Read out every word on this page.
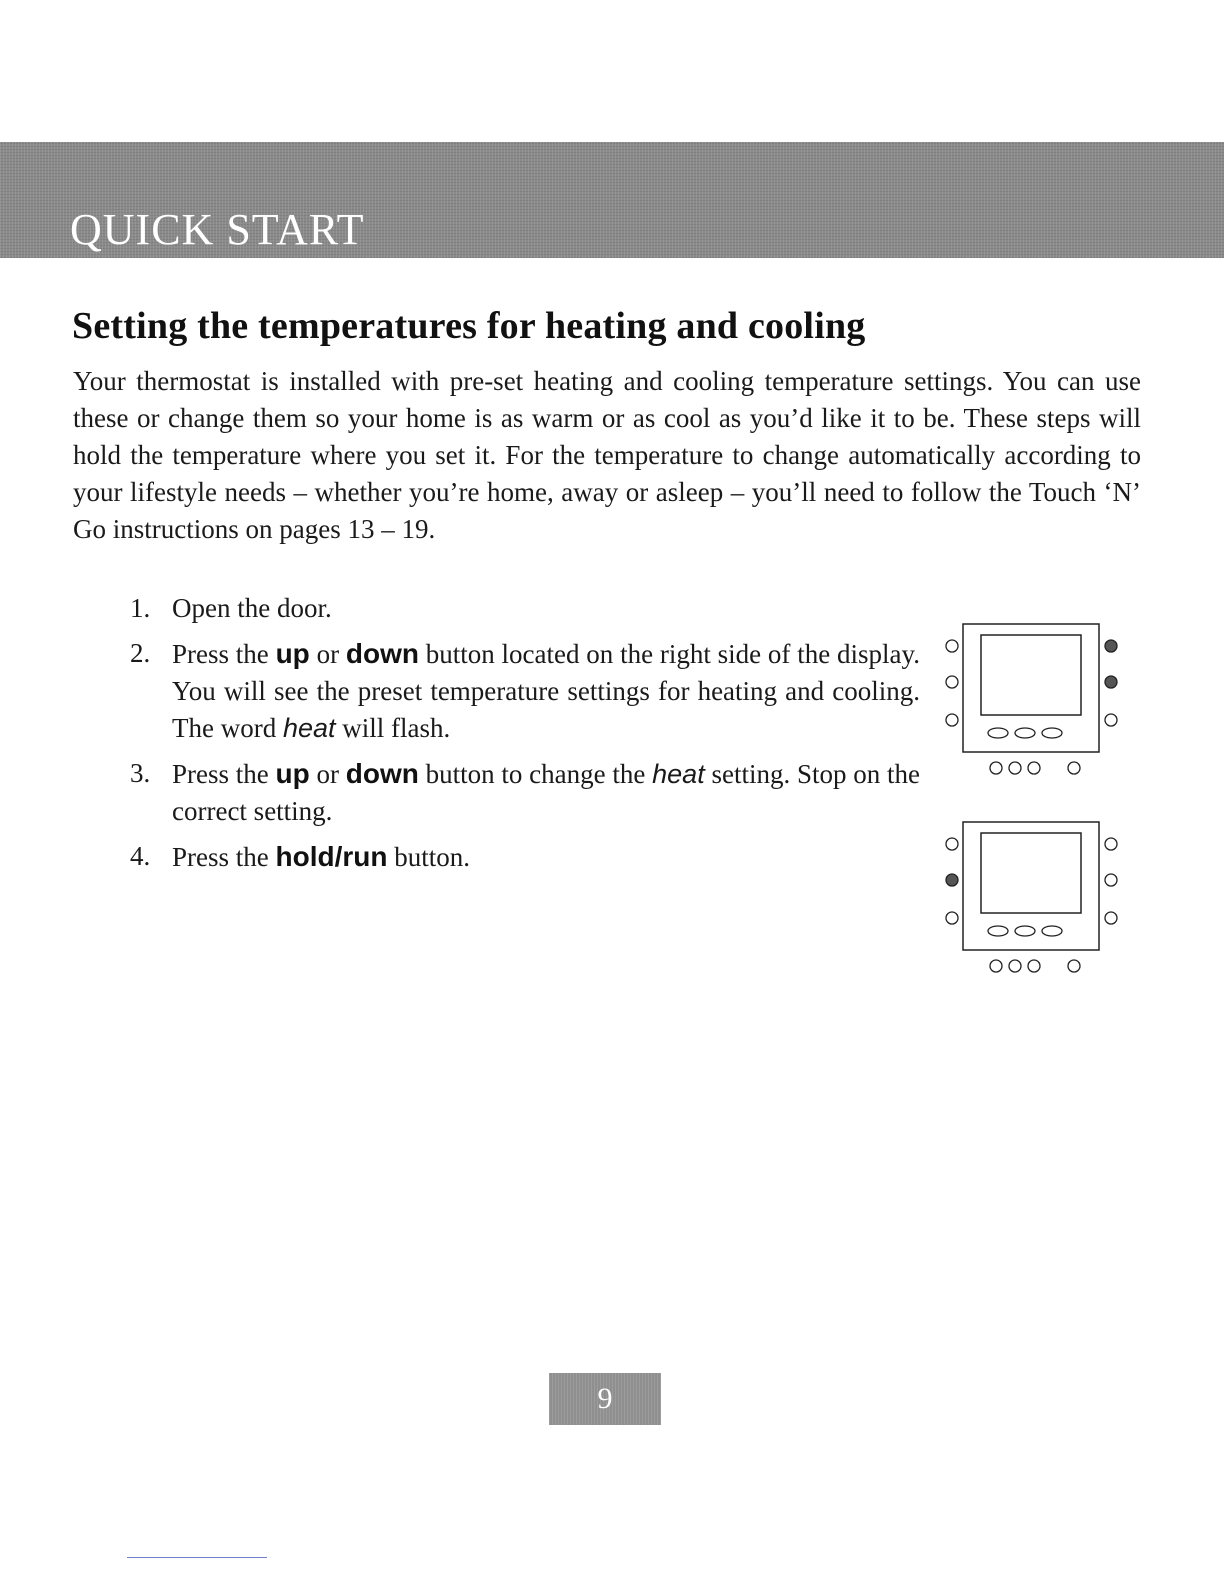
QUICK START
Setting the temperatures for heating and cooling

Your thermostat is installed with pre-set heating and cooling temperature settings. You can use these or change them so your home is as warm or as cool as you’d like it to be. These steps will hold the temperature where you set it. For the temperature to change automatically according to your lifestyle needs – whether you’re home, away or asleep – you’ll need to follow the Touch ‘N’ Go instructions on pages 13 – 19.

1. Open the door.
2. Press the up or down button located on the right side of the display. You will see the preset temperature settings for heating and cooling. The word heat will flash.
3. Press the up or down button to change the heat setting. Stop on the correct setting.
4. Press the hold/run button.
9
